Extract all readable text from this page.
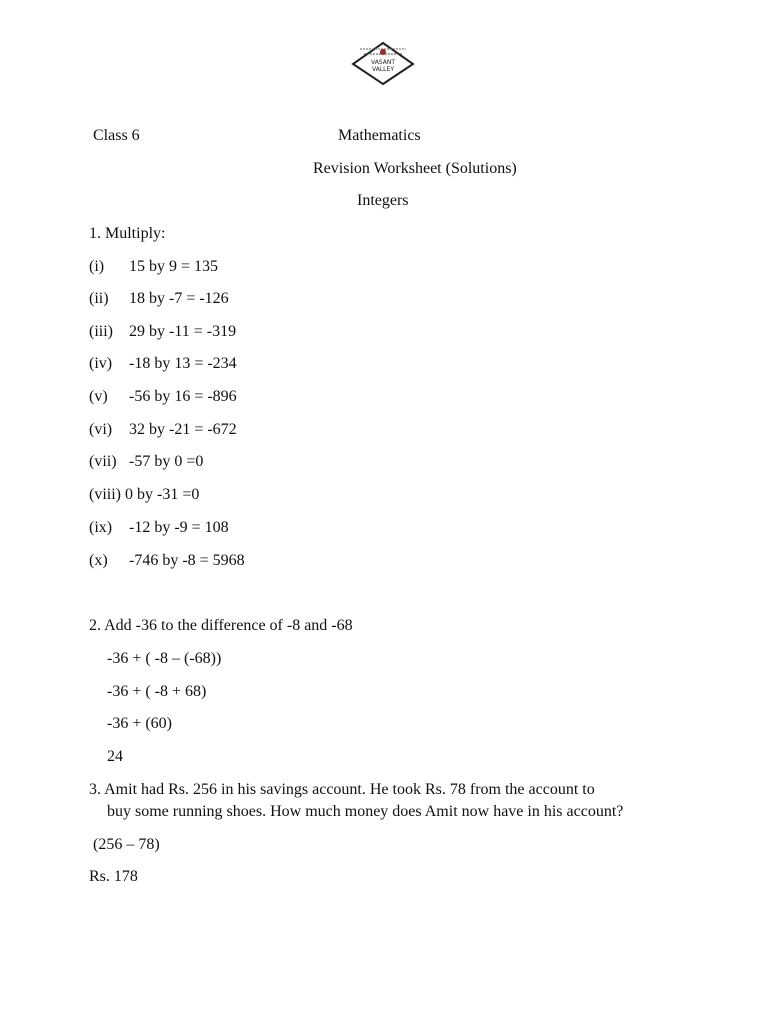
VASANT
VALLEY
Class 6	Mathematics
Revision Worksheet (Solutions)
Integers
1. Multiply:
(i) 15 by 9 = 135
(ii) 18 by -7 = -126
(iii) 29 by -11 = -319
(iv) -18 by 13 = -234
(v) -56 by 16 = -896
(vi) 32 by -21 = -672
(vii) -57 by 0 =0
(viii) 0 by -31 =0
(ix) -12 by -9 = 108
(x) -746 by -8 = 5968
2. Add -36 to the difference of -8 and -68
-36 + ( -8 – (-68))
-36 + ( -8 + 68)
-36 + (60)
24
3. Amit had Rs. 256 in his savings account. He took Rs. 78 from the account to
buy some running shoes. How much money does Amit now have in his account?
(256 – 78)
Rs. 178
